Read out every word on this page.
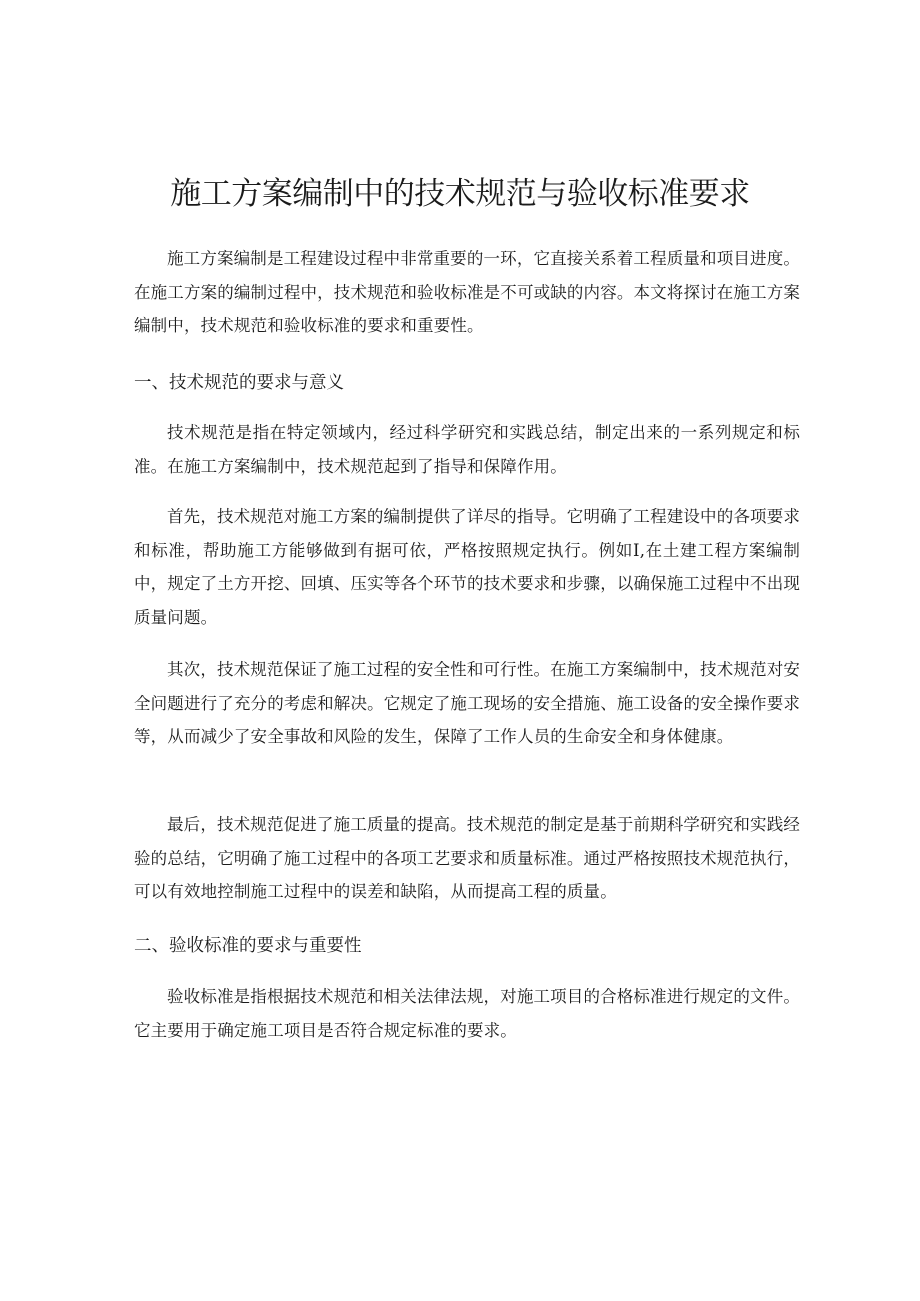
施工方案编制中的技术规范与验收标准要求

施工方案编制是工程建设过程中非常重要的一环，它直接关系着工程质量和项目进度。在施工方案的编制过程中，技术规范和验收标准是不可或缺的内容。本文将探讨在施工方案编制中，技术规范和验收标准的要求和重要性。

一、技术规范的要求与意义

技术规范是指在特定领域内，经过科学研究和实践总结，制定出来的一系列规定和标准。在施工方案编制中，技术规范起到了指导和保障作用。

首先，技术规范对施工方案的编制提供了详尽的指导。它明确了工程建设中的各项要求和标准，帮助施工方能够做到有据可依，严格按照规定执行。例如I,在土建工程方案编制中，规定了土方开挖、回填、压实等各个环节的技术要求和步骤，以确保施工过程中不出现质量问题。

其次，技术规范保证了施工过程的安全性和可行性。在施工方案编制中，技术规范对安全问题进行了充分的考虑和解决。它规定了施工现场的安全措施、施工设备的安全操作要求等，从而减少了安全事故和风险的发生，保障了工作人员的生命安全和身体健康。

最后，技术规范促进了施工质量的提高。技术规范的制定是基于前期科学研究和实践经验的总结，它明确了施工过程中的各项工艺要求和质量标准。通过严格按照技术规范执行，可以有效地控制施工过程中的误差和缺陷，从而提高工程的质量。

二、验收标准的要求与重要性

验收标准是指根据技术规范和相关法律法规，对施工项目的合格标准进行规定的文件。它主要用于确定施工项目是否符合规定标准的要求。
